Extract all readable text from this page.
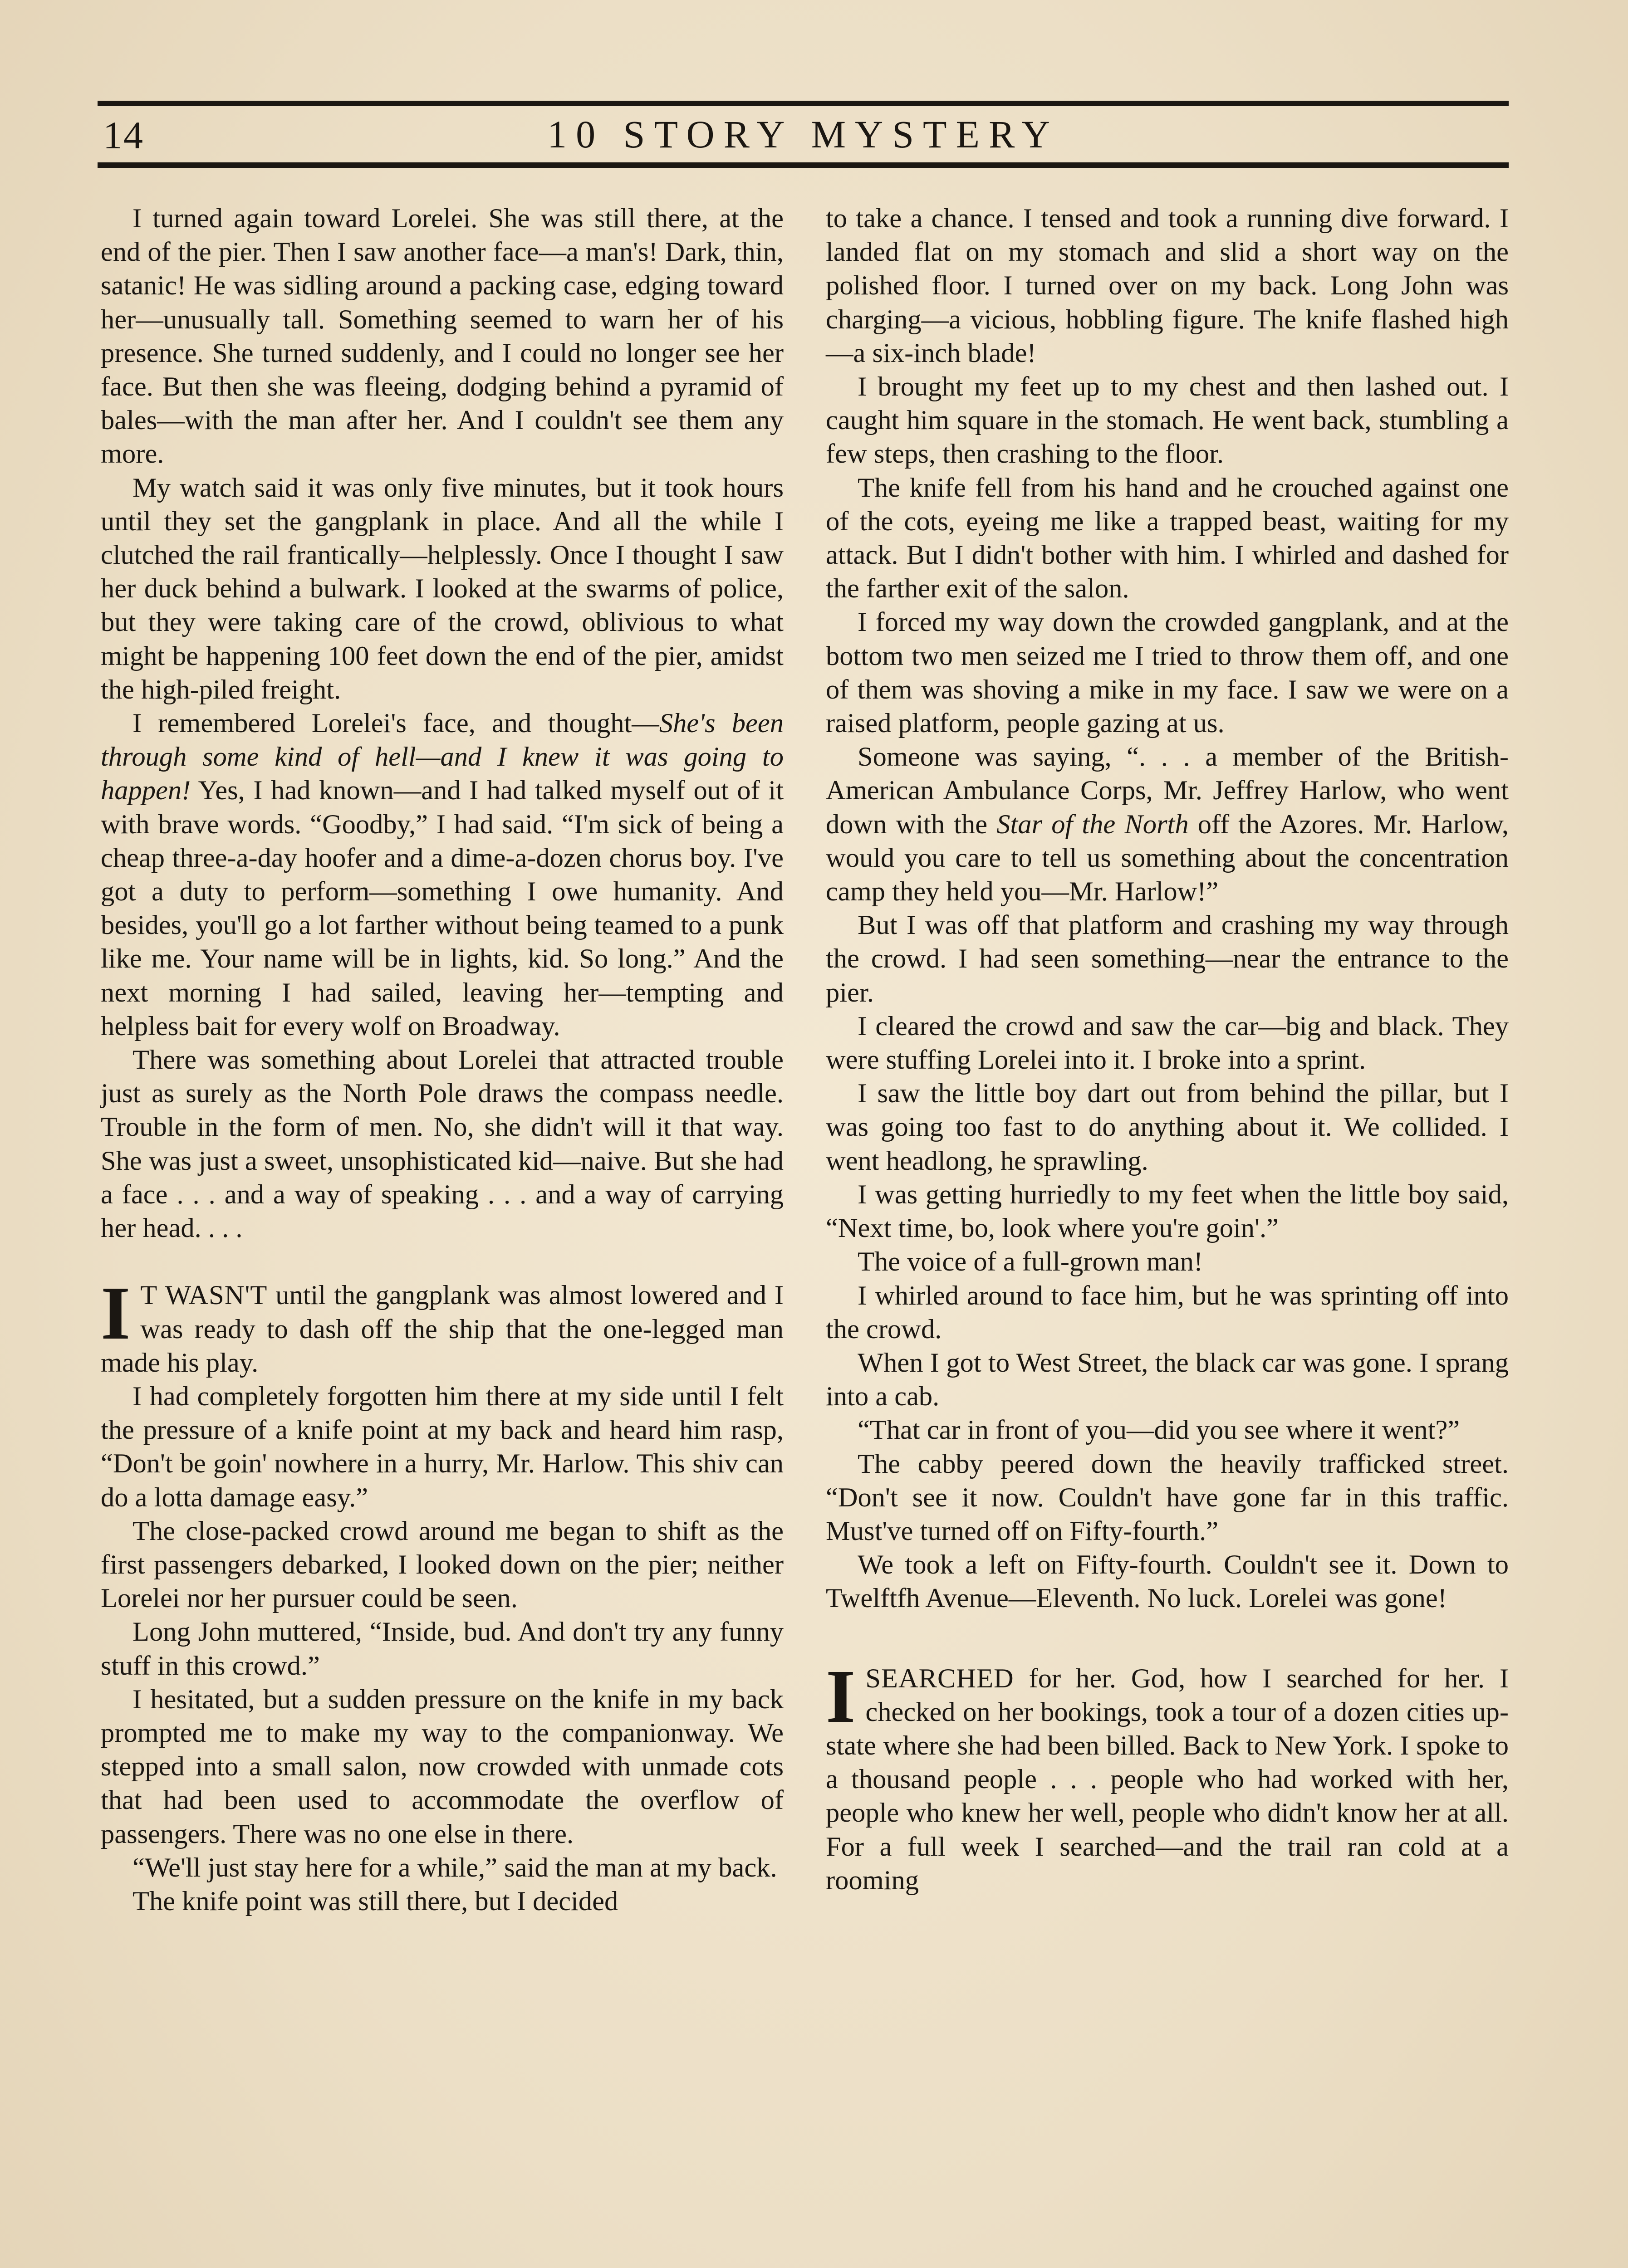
14	10 STORY MYSTERY

I turned again toward Lorelei. She was still there, at the end of the pier. Then I saw another face—a man's! Dark, thin, satanic! He was sidling around a packing case, edging toward her—unusually tall. Something seemed to warn her of his presence. She turned suddenly, and I could no longer see her face. But then she was fleeing, dodging behind a pyramid of bales—with the man after her. And I couldn't see them any more.

My watch said it was only five minutes, but it took hours until they set the gangplank in place. And all the while I clutched the rail frantically—helplessly. Once I thought I saw her duck behind a bulwark. I looked at the swarms of police, but they were taking care of the crowd, oblivious to what might be happening 100 feet down the end of the pier, amidst the high-piled freight.

I remembered Lorelei's face, and thought—She's been through some kind of hell—and I knew it was going to happen! Yes, I had known—and I had talked myself out of it with brave words. “Goodby,” I had said. “I'm sick of being a cheap three-a-day hoofer and a dime-a-dozen chorus boy. I've got a duty to perform—something I owe humanity. And besides, you'll go a lot farther without being teamed to a punk like me. Your name will be in lights, kid. So long.” And the next morning I had sailed, leaving her—tempting and helpless bait for every wolf on Broadway.

There was something about Lorelei that attracted trouble just as surely as the North Pole draws the compass needle. Trouble in the form of men. No, she didn't will it that way. She was just a sweet, unsophisticated kid—naive. But she had a face . . . and a way of speaking . . . and a way of carrying her head. . . .

I T WASN'T until the gangplank was almost lowered and I was ready to dash off the ship that the one-legged man made his play.

I had completely forgotten him there at my side until I felt the pressure of a knife point at my back and heard him rasp, “Don't be goin' nowhere in a hurry, Mr. Harlow. This shiv can do a lotta damage easy.”

The close-packed crowd around me began to shift as the first passengers debarked, I looked down on the pier; neither Lorelei nor her pursuer could be seen.

Long John muttered, “Inside, bud. And don't try any funny stuff in this crowd.”

I hesitated, but a sudden pressure on the knife in my back prompted me to make my way to the companionway. We stepped into a small salon, now crowded with unmade cots that had been used to accommodate the overflow of passengers. There was no one else in there.

“We'll just stay here for a while,” said the man at my back.

The knife point was still there, but I decided

to take a chance. I tensed and took a running dive forward. I landed flat on my stomach and slid a short way on the polished floor. I turned over on my back. Long John was charging—a vicious, hobbling figure. The knife flashed high—a six-inch blade!

I brought my feet up to my chest and then lashed out. I caught him square in the stomach. He went back, stumbling a few steps, then crashing to the floor.

The knife fell from his hand and he crouched against one of the cots, eyeing me like a trapped beast, waiting for my attack. But I didn't bother with him. I whirled and dashed for the farther exit of the salon.

I forced my way down the crowded gangplank, and at the bottom two men seized me I tried to throw them off, and one of them was shoving a mike in my face. I saw we were on a raised platform, people gazing at us.

Someone was saying, “. . . a member of the British-American Ambulance Corps, Mr. Jeffrey Harlow, who went down with the Star of the North off the Azores. Mr. Harlow, would you care to tell us something about the concentration camp they held you—Mr. Harlow!”

But I was off that platform and crashing my way through the crowd. I had seen something—near the entrance to the pier.

I cleared the crowd and saw the car—big and black. They were stuffing Lorelei into it. I broke into a sprint.

I saw the little boy dart out from behind the pillar, but I was going too fast to do anything about it. We collided. I went headlong, he sprawling.

I was getting hurriedly to my feet when the little boy said, “Next time, bo, look where you're goin'.”

The voice of a full-grown man!

I whirled around to face him, but he was sprinting off into the crowd.

When I got to West Street, the black car was gone. I sprang into a cab.

“That car in front of you—did you see where it went?”

The cabby peered down the heavily trafficked street. “Don't see it now. Couldn't have gone far in this traffic. Must've turned off on Fifty-fourth.”

We took a left on Fifty-fourth. Couldn't see it. Down to Twelftfh Avenue—Eleventh. No luck. Lorelei was gone!

ISEARCHED for her. God, how I searched for her. I checked on her bookings, took a tour of a dozen cities up-state where she had been billed. Back to New York. I spoke to a thousand people . . . people who had worked with her, people who knew her well, people who didn't know her at all. For a full week I searched—and the trail ran cold at a rooming
